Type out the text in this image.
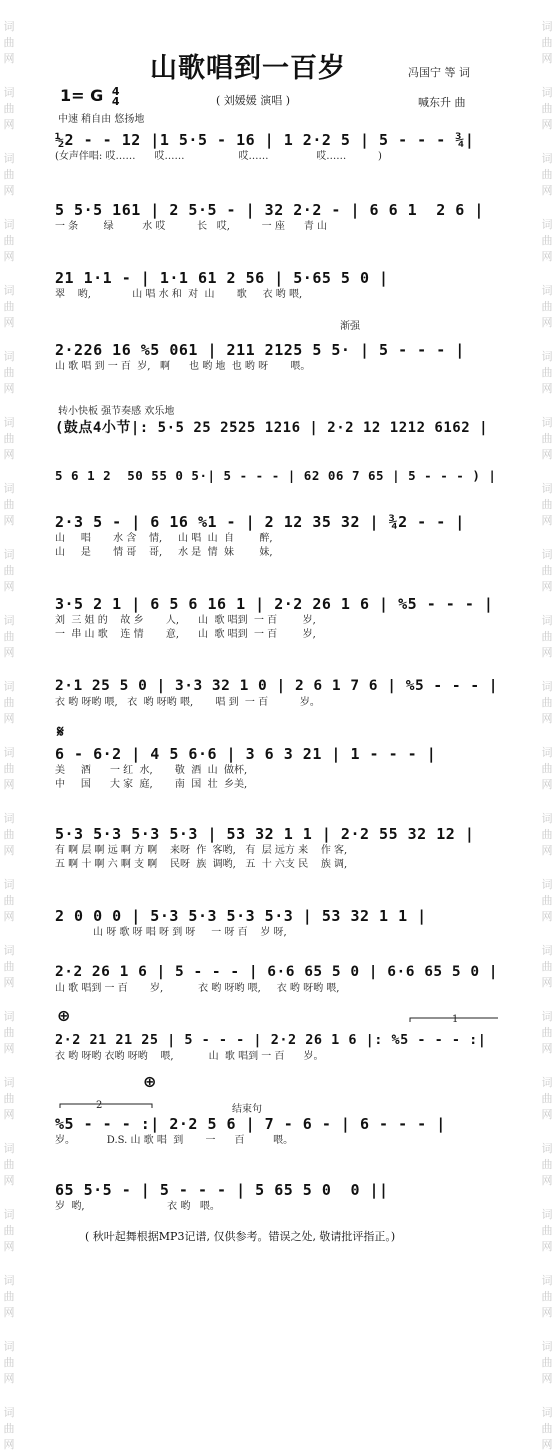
词
曲
网
词
曲
网
词
曲
网
词
曲
网
词
曲
网
词
曲
网
词
曲
网
词
曲
网
词
曲
网
词
曲
网
词
曲
网
词
曲
网
词
曲
网
词
曲
网
词
曲
网
词
曲
网
词
曲
网
词
曲
网
词
曲
网
词
曲
网
词
曲
网
词
曲
网
词
曲
网
词
曲
网
词
曲
网
词
曲
网
词
曲
网
词
曲
网
词
曲
网
词
曲
网
词
曲
网
词
曲
网
词
曲
网
词
曲
网
词
曲
网
词
曲
网
词
曲
网
词
曲
网
词
曲
网
词
曲
网
词
曲
网
词
曲
网
词
曲
网
词
曲
网
山歌唱到一百岁	冯国宁 等 词
喊东升 曲
1= G 4
4	( 刘媛媛 演唱 )
中速 稍自由 悠扬地
½2 - - 12 |1 5·5 - 16 | 1 2·2 5 | 5 - - - ¾|
(女声伴唱: 哎……      哎……                 哎……               哎……          )
5 5·5 161 | 2 5·5 - | 32 2·2 - | 6 6 1  2 6 |
一 条        绿         水 哎          长   哎,          一 座      青 山
21 1·1 - | 1·1 61 2 56 | 5·65 5 0 |
翠    哟,             山 唱 水 和  对  山       歌     衣 哟 喂,
2·226 16 %5 061 | 211 2125 5 5· | 5 - - - |
山 歌 唱 到 一 百  岁,   啊      也 哟 地  也 哟 呀       喂。
(鼓点4小节|: 5·5 25 2525 1216 | 2·2 12 1212 6162 |
5 6 1 2  50 55 0 5·| 5 - - - | 62 06 7 65 | 5 - - - ) |
2·3 5 - | 6 16 %1 - | 2 12 35 32 | ¾2 - - |
山     唱       水 含    情,     山 唱  山  自        醉,
山     是       情 哥    哥,     水 是  情  妹        妹,
3·5 2 1 | 6 5 6 16 1 | 2·2 26 1 6 | %5 - - - |
刘  三 姐 的    故 乡       人,      山  歌 唱到  一 百        岁,
一  串 山 歌    连 情       意,      山  歌 唱到  一 百        岁,
2·1 25 5 0 | 3·3 32 1 0 | 2 6 1 7 6 | %5 - - - |
衣 哟 呀哟 喂,   衣  哟 呀哟 喂,       唱 到  一 百          岁。
6 - 6·2 | 4 5 6·6 | 3 6 3 21 | 1 - - - |
美     酒      一 红  水,       敬  酒  山  做杯,
中     国      大 家  庭,       南  国  壮  乡美,
5·3 5·3 5·3 5·3 | 53 32 1 1 | 2·2 55 32 12 |
有 啊 层 啊 远 啊 方 啊    来呀  作  客哟,   有  层 远方 来    作 客,
五 啊 十 啊 六 啊 支 啊    民呀  族  调哟,   五  十 六支 民    族 调,
2 0 0 0 | 5·3 5·3 5·3 5·3 | 53 32 1 1 |
山 呀 歌 呀 唱 呀 到 呀     一 呀 百    岁 呀,
2·2 26 1 6 | 5 - - - | 6·6 65 5 0 | 6·6 65 5 0 |
山 歌 唱到 一 百       岁,           衣 哟 呀哟 喂,     衣 哟 呀哟 喂,
2·2 21 21 25 | 5 - - - | 2·2 26 1 6 |: %5 - - - :|
衣 哟 呀哟 衣哟 呀哟    喂,           山  歌 唱到 一 百      岁。
%5 - - - :| 2·2 5 6 | 7 - 6 - | 6 - - - |
岁。          D.S. 山 歌 唱  到       一      百         喂。
65 5·5 - | 5 - - - | 5 65 5 0  0 ||
岁  哟,                          衣 哟   喂。
转小快板 强节奏感 欢乐地
渐强
结束句
1
2
𝄋
⊕
⊕
( 秋叶起舞根据MP3记谱, 仅供参考。错误之处, 敬请批评指正。)
